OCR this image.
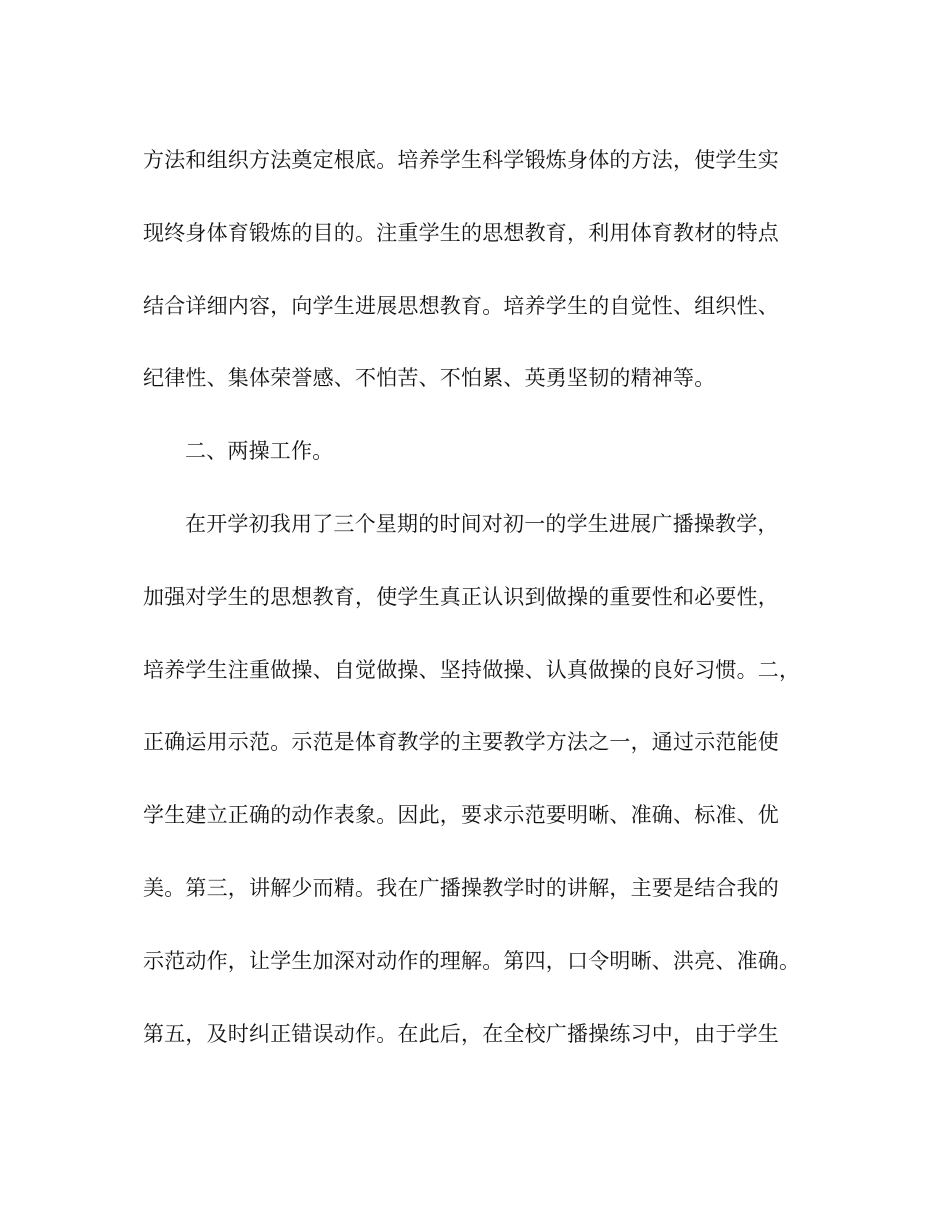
方法和组织方法奠定根底。培养学生科学锻炼身体的方法，使学生实
现终身体育锻炼的目的。注重学生的思想教育，利用体育教材的特点
结合详细内容，向学生进展思想教育。培养学生的自觉性、组织性、
纪律性、集体荣誉感、不怕苦、不怕累、英勇坚韧的精神等。
二、两操工作。
在开学初我用了三个星期的时间对初一的学生进展广播操教学，
加强对学生的思想教育，使学生真正认识到做操的重要性和必要性，
培养学生注重做操、自觉做操、坚持做操、认真做操的良好习惯。二，
正确运用示范。示范是体育教学的主要教学方法之一，通过示范能使
学生建立正确的动作表象。因此，要求示范要明晰、准确、标准、优
美。第三，讲解少而精。我在广播操教学时的讲解，主要是结合我的
示范动作，让学生加深对动作的理解。第四，口令明晰、洪亮、准确。
第五，及时纠正错误动作。在此后，在全校广播操练习中，由于学生
